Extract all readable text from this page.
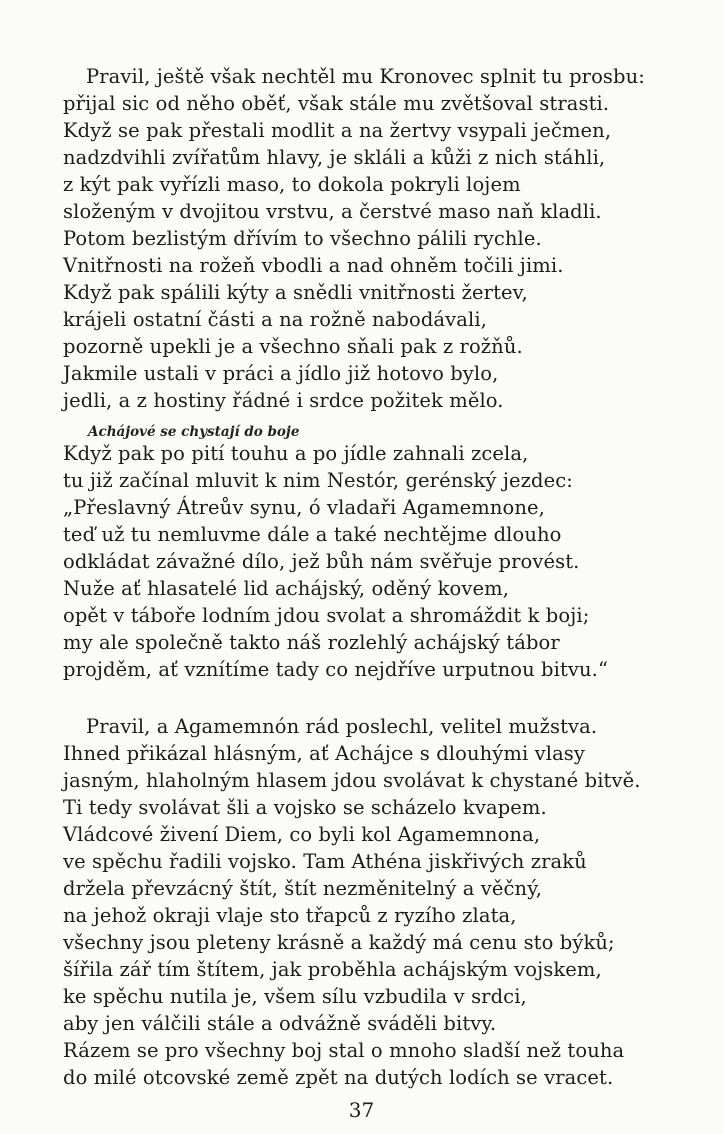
Pravil, ještě však nechtěl mu Kronovec splnit tu prosbu:
přijal sic od něho oběť, však stále mu zvětšoval strasti.
Když se pak přestali modlit a na žertvy vsypali ječmen,
nadzdvihli zvířatům hlavy, je skláli a kůži z nich stáhli,
z kýt pak vyřízli maso, to dokola pokryli lojem
složeným v dvojitou vrstvu, a čerstvé maso naň kladli.
Potom bezlistým dřívím to všechno pálili rychle.
Vnitřnosti na rožeň vbodli a nad ohněm točili jimi.
Když pak spálili kýty a snědli vnitřnosti žertev,
krájeli ostatní části a na rožně nabodávali,
pozorně upekli je a všechno sňali pak z rožňů.
Jakmile ustali v práci a jídlo již hotovo bylo,
jedli, a z hostiny řádné i srdce požitek mělo.
Achájové se chystají do boje
Když pak po pití touhu a po jídle zahnali zcela,
tu již začínal mluvit k nim Nestór, gerénský jezdec:
„Přeslavný Átreův synu, ó vladaři Agamemnone,
teď už tu nemluvme dále a také nechtějme dlouho
odkládat závažné dílo, jež bůh nám svěřuje provést.
Nuže ať hlasatelé lid achájský, oděný kovem,
opět v táboře lodním jdou svolat a shromáždit k boji;
my ale společně takto náš rozlehlý achájský tábor
projděm, ať vznítíme tady co nejdříve urputnou bitvu.“
Pravil, a Agamemnón rád poslechl, velitel mužstva.
Ihned přikázal hlásným, ať Achájce s dlouhými vlasy
jasným, hlaholným hlasem jdou svolávat k chystané bitvě.
Ti tedy svolávat šli a vojsko se scházelo kvapem.
Vládcové živení Diem, co byli kol Agamemnona,
ve spěchu řadili vojsko. Tam Athéna jiskřivých zraků
držela převzácný štít, štít nezměnitelný a věčný,
na jehož okraji vlaje sto třapců z ryzího zlata,
všechny jsou pleteny krásně a každý má cenu sto býků;
šířila zář tím štítem, jak proběhla achájským vojskem,
ke spěchu nutila je, všem sílu vzbudila v srdci,
aby jen válčili stále a odvážně sváděli bitvy.
Rázem se pro všechny boj stal o mnoho sladší než touha
do milé otcovské země zpět na dutých lodích se vracet.
37
